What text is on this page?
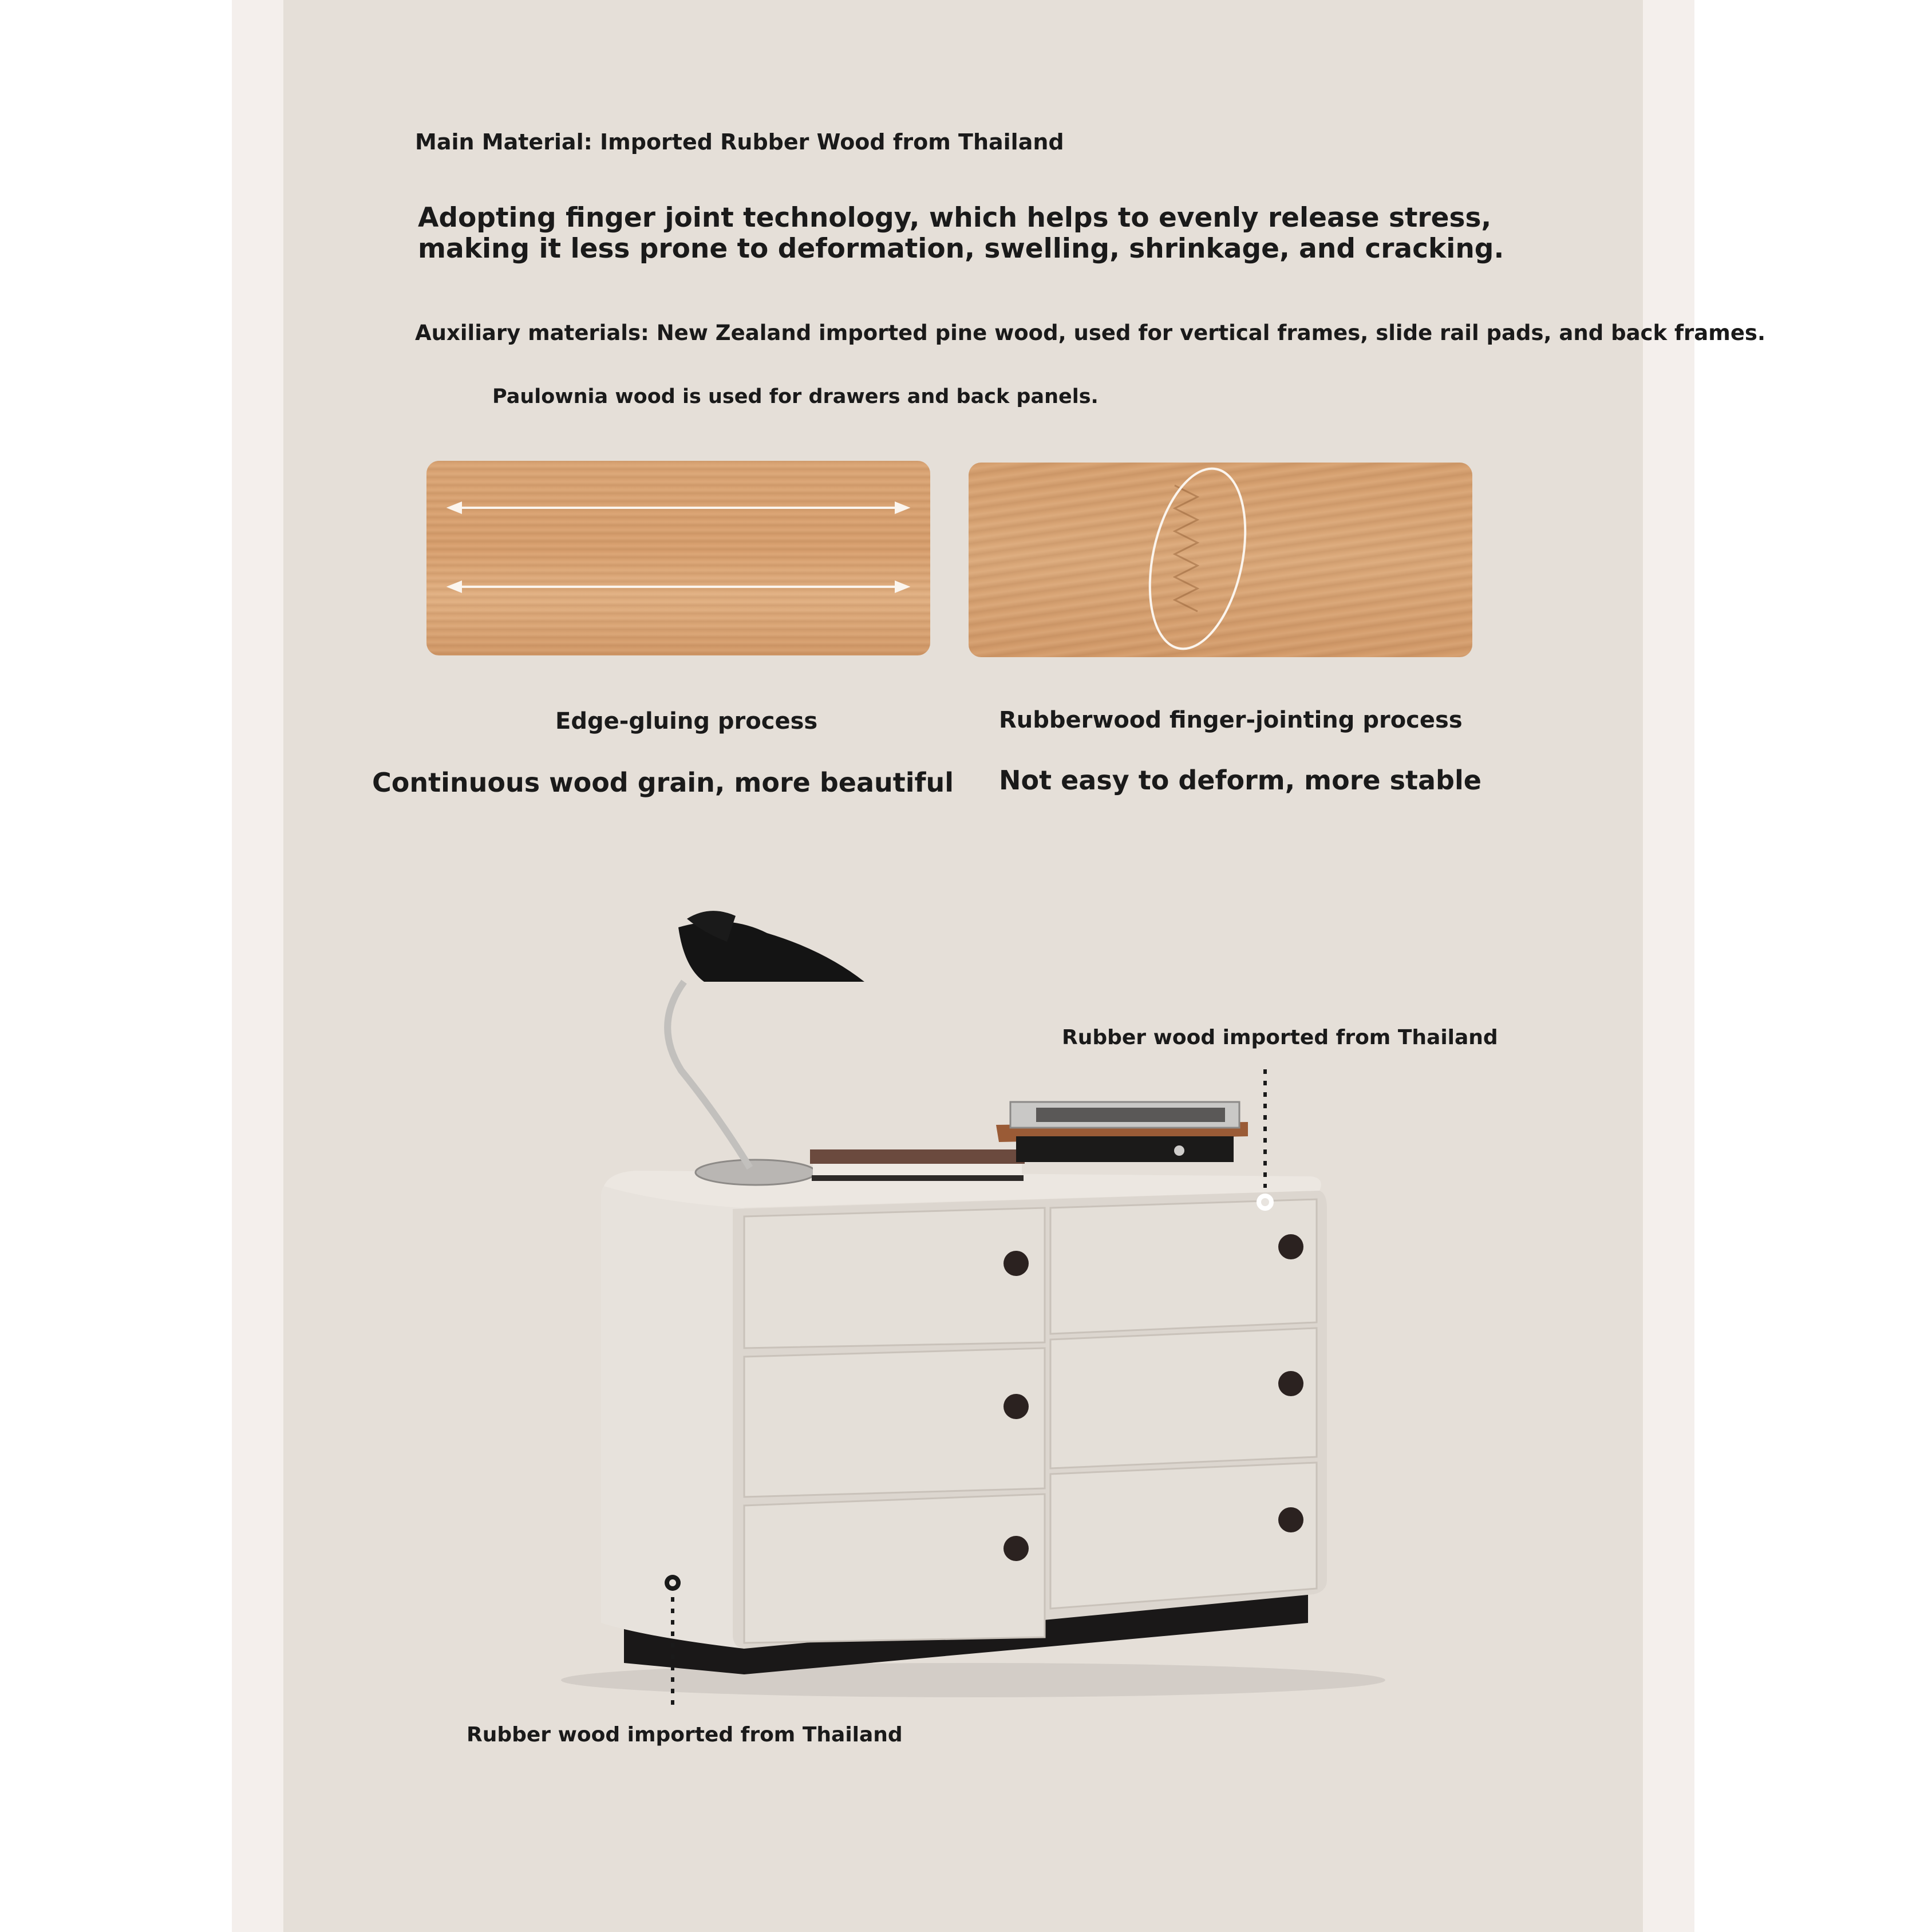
Main Material: Imported Rubber Wood from Thailand
Adopting finger joint technology, which helps to evenly release stress,
making it less prone to deformation, swelling, shrinkage, and cracking.
Auxiliary materials: New Zealand imported pine wood, used for vertical frames, slide rail pads, and back frames.
Paulownia wood is used for drawers and back panels.
Edge-gluing process	Rubberwood finger-jointing process
Continuous wood grain, more beautiful Not easy to deform, more stable
Rubber wood imported from Thailand
Rubber wood imported from Thailand
